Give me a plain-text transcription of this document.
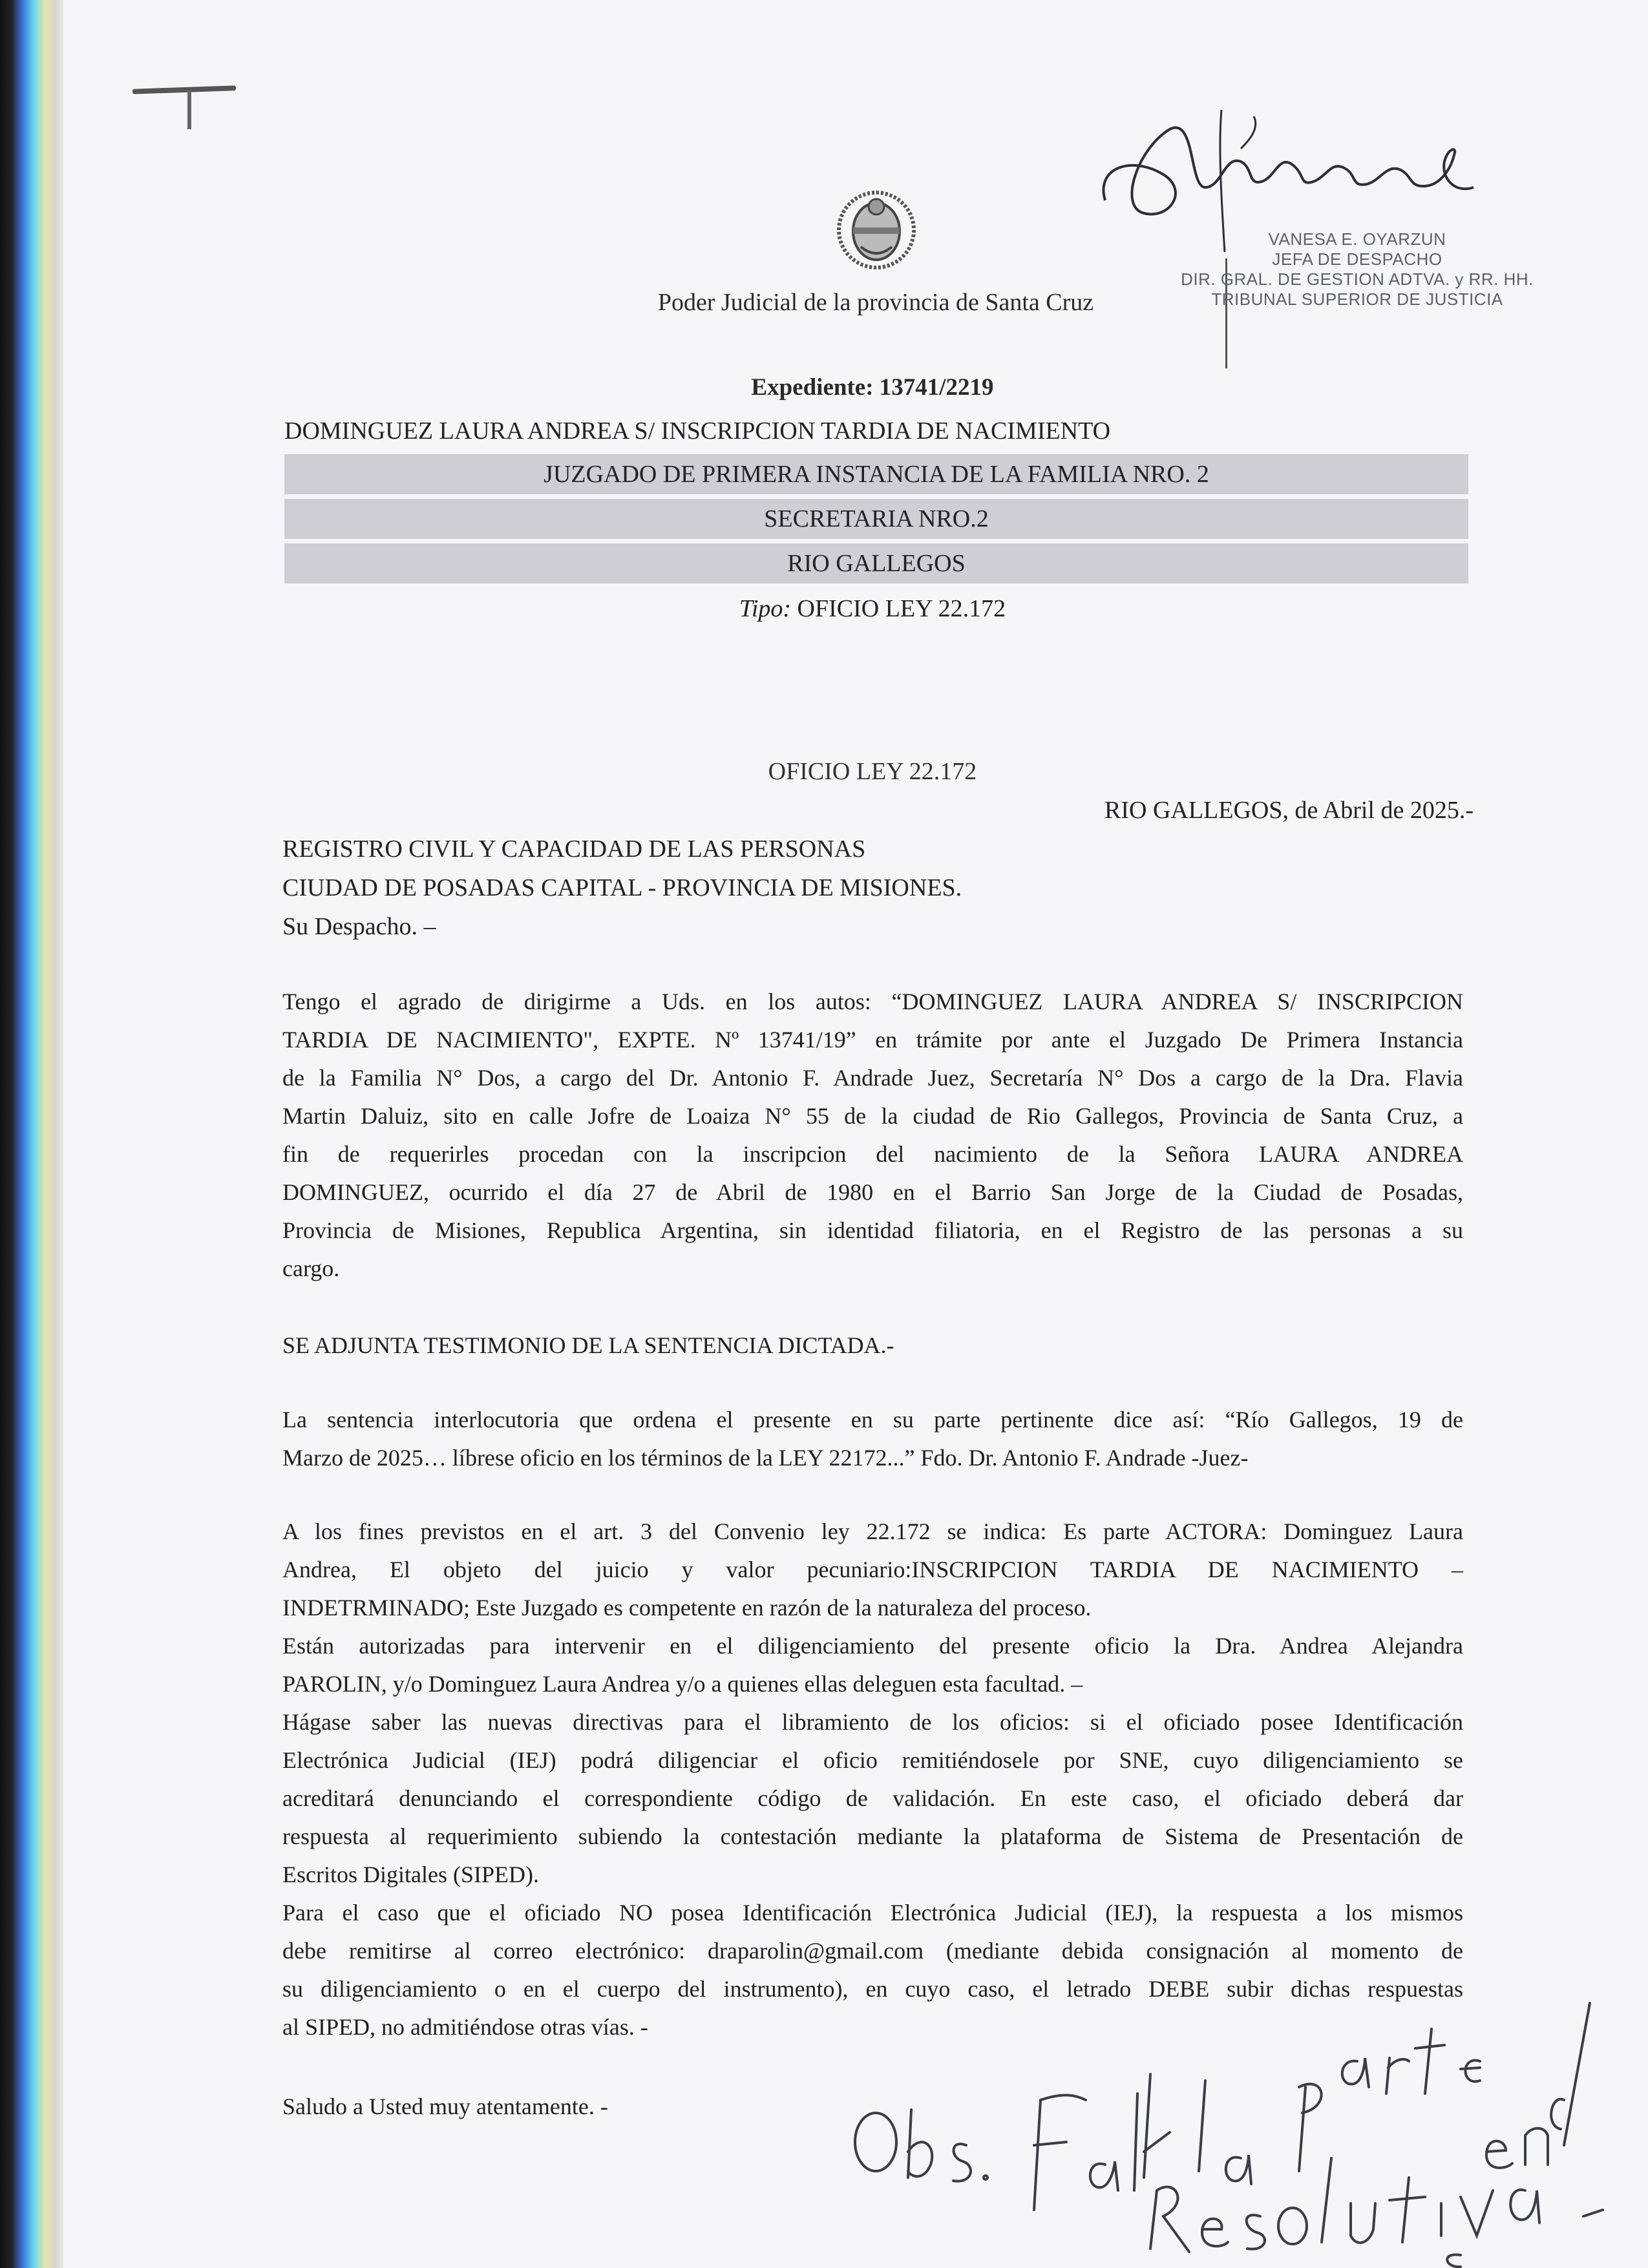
Poder Judicial de la provincia de Santa Cruz
VANESA E. OYARZUN
JEFA DE DESPACHO
DIR. GRAL. DE GESTION ADTVA. y RR. HH.
TRIBUNAL SUPERIOR DE JUSTICIA
Expediente: 13741/2219
DOMINGUEZ LAURA ANDREA S/ INSCRIPCION TARDIA DE NACIMIENTO
JUZGADO DE PRIMERA INSTANCIA DE LA FAMILIA NRO. 2
SECRETARIA NRO.2
RIO GALLEGOS
Tipo: OFICIO LEY 22.172
OFICIO LEY 22.172
RIO GALLEGOS, de Abril de 2025.-
REGISTRO CIVIL Y CAPACIDAD DE LAS PERSONAS
CIUDAD DE POSADAS CAPITAL - PROVINCIA DE MISIONES.
Su Despacho. –
Tengo el agrado de dirigirme a Uds. en los autos: “DOMINGUEZ LAURA ANDREA S/ INSCRIPCION
TARDIA DE NACIMIENTO", EXPTE. Nº 13741/19” en trámite por ante el Juzgado De Primera Instancia
de la Familia N° Dos, a cargo del Dr. Antonio F. Andrade Juez, Secretaría N° Dos a cargo de la Dra. Flavia
Martin Daluiz, sito en calle Jofre de Loaiza N° 55 de la ciudad de Rio Gallegos, Provincia de Santa Cruz, a
fin de requerirles procedan con la inscripcion del nacimiento de la Señora LAURA ANDREA
DOMINGUEZ, ocurrido el día 27 de Abril de 1980 en el Barrio San Jorge de la Ciudad de Posadas,
Provincia de Misiones, Republica Argentina, sin identidad filiatoria, en el Registro de las personas a su
cargo.
SE ADJUNTA TESTIMONIO DE LA SENTENCIA DICTADA.-
La sentencia interlocutoria que ordena el presente en su parte pertinente dice así: “Río Gallegos, 19 de
Marzo de 2025… líbrese oficio en los términos de la LEY 22172...” Fdo. Dr. Antonio F. Andrade -Juez-
A los fines previstos en el art. 3 del Convenio ley 22.172 se indica: Es parte ACTORA: Dominguez Laura
Andrea, El objeto del juicio y valor pecuniario:INSCRIPCION TARDIA DE NACIMIENTO –
INDETRMINADO; Este Juzgado es competente en razón de la naturaleza del proceso.
Están autorizadas para intervenir en el diligenciamiento del presente oficio la Dra. Andrea Alejandra
PAROLIN, y/o Dominguez Laura Andrea y/o a quienes ellas deleguen esta facultad. –
Hágase saber las nuevas directivas para el libramiento de los oficios: si el oficiado posee Identificación
Electrónica Judicial (IEJ) podrá diligenciar el oficio remitiéndosele por SNE, cuyo diligenciamiento se
acreditará denunciando el correspondiente código de validación. En este caso, el oficiado deberá dar
respuesta al requerimiento subiendo la contestación mediante la plataforma de Sistema de Presentación de
Escritos Digitales (SIPED).
Para el caso que el oficiado NO posea Identificación Electrónica Judicial (IEJ), la respuesta a los mismos
debe remitirse al correo electrónico: draparolin@gmail.com (mediante debida consignación al momento de
su diligenciamiento o en el cuerpo del instrumento), en cuyo caso, el letrado DEBE subir dichas respuestas
al SIPED, no admitiéndose otras vías. -
Saludo a Usted muy atentamente. -
